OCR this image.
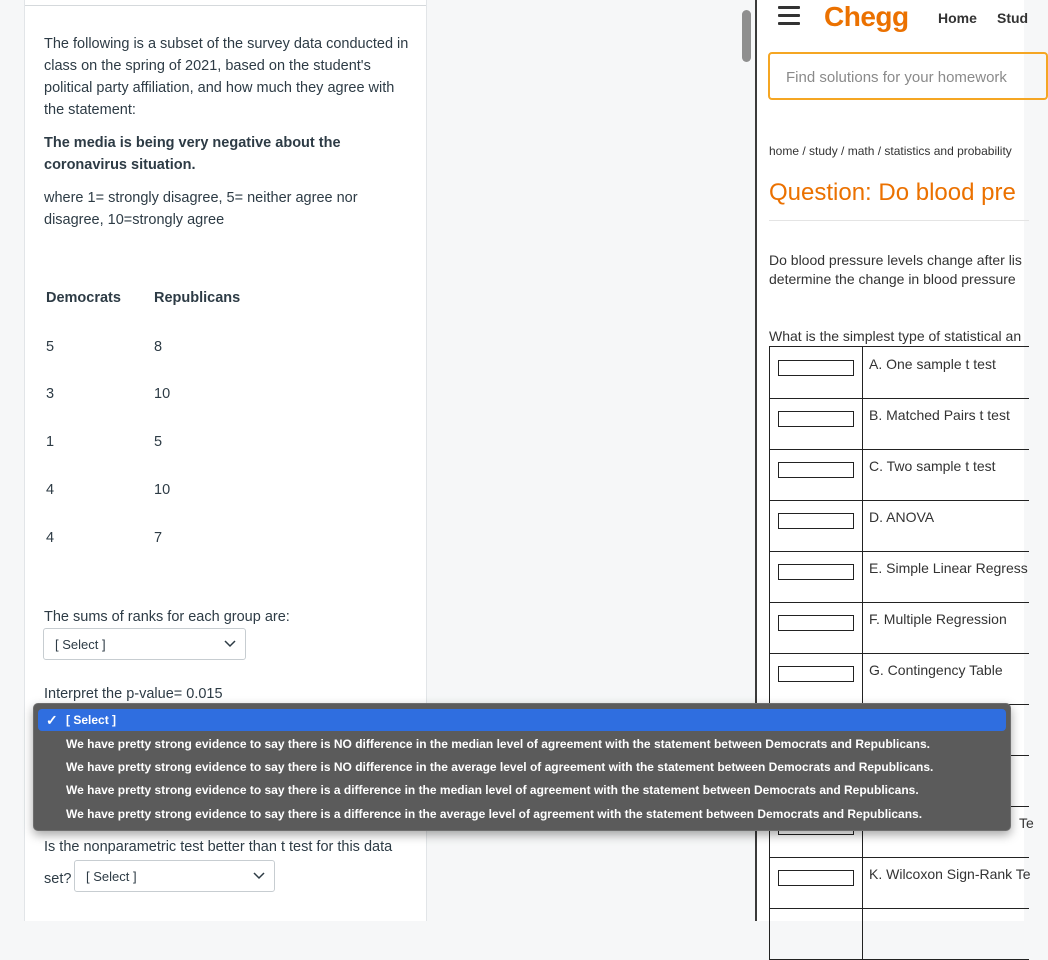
The following is a subset of the survey data conducted in class on the spring of 2021, based on the student's political party affiliation, and how much they agree with the statement:
The media is being very negative about the coronavirus situation.
where 1= strongly disagree, 5= neither agree nor disagree, 10=strongly agree
Democrats Republicans
5	8
3	10
1	5
4	10
4	7
The sums of ranks for each group are:
[ Select ]
Interpret the p-value= 0.015
Is the nonparametric test better than t test for this data
set?	[ Select ]
Chegg Home Stud
Find solutions for your homework
home / study / math / statistics and probability
Question: Do blood pre
Do blood pressure levels change after lis
determine the change in blood pressure
What is the simplest type of statistical an
A. One sample t test
B. Matched Pairs t test
C. Two sample t test
D. ANOVA
E. Simple Linear Regress
F. Multiple Regression
G. Contingency Table
Te
K. Wilcoxon Sign-Rank Te
✓ [ Select ]
We have pretty strong evidence to say there is NO difference in the median level of agreement with the statement between Democrats and Republicans.
We have pretty strong evidence to say there is NO difference in the average level of agreement with the statement between Democrats and Republicans.
We have pretty strong evidence to say there is a difference in the median level of agreement with the statement between Democrats and Republicans.
We have pretty strong evidence to say there is a difference in the average level of agreement with the statement between Democrats and Republicans.
